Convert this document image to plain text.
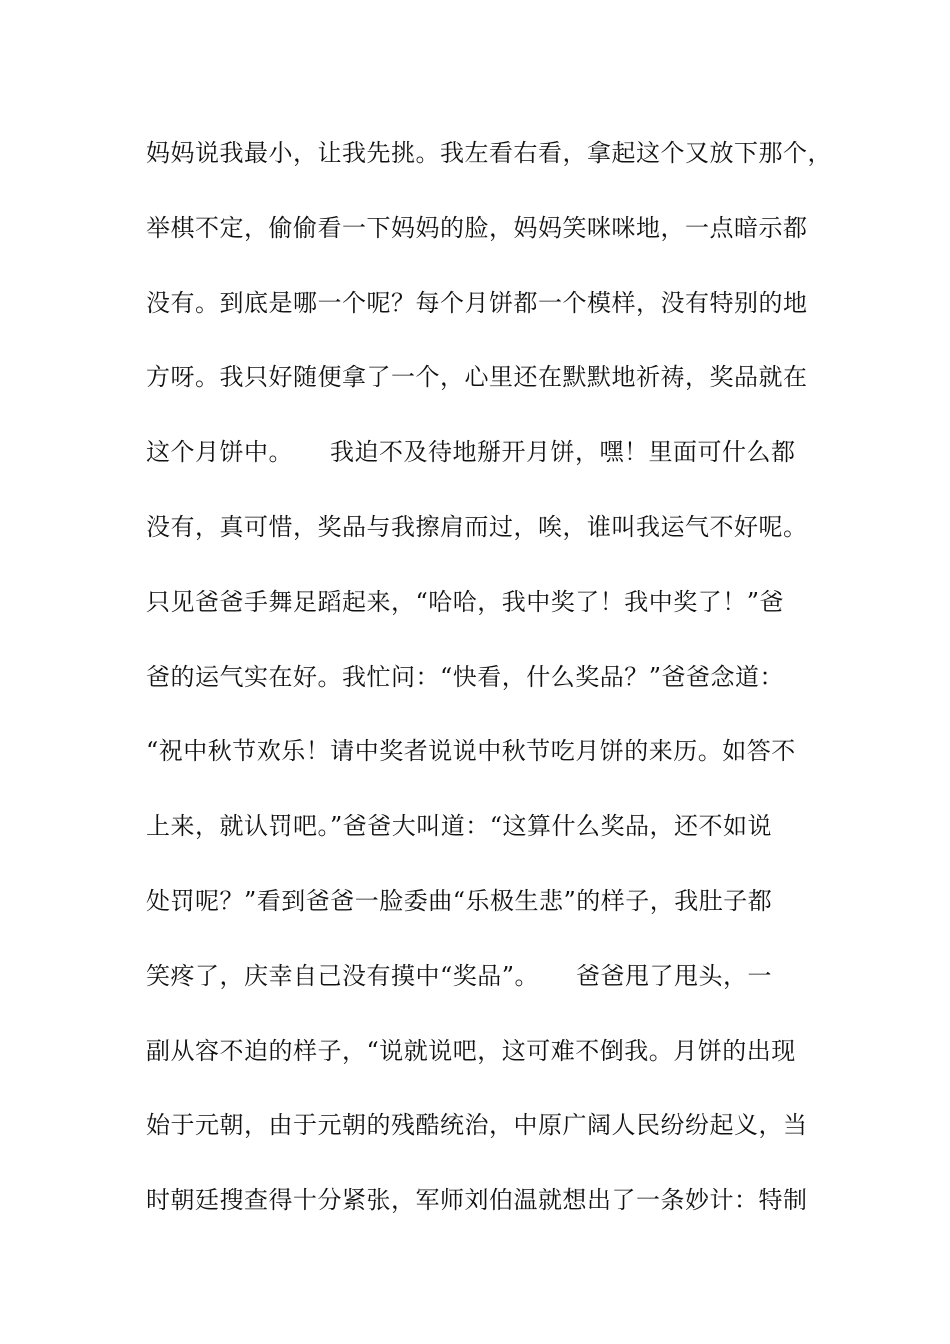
妈妈说我最小，让我先挑。我左看右看，拿起这个又放下那个，
举棋不定，偷偷看一下妈妈的脸，妈妈笑咪咪地，一点暗示都
没有。到底是哪一个呢？每个月饼都一个模样，没有特别的地
方呀。我只好随便拿了一个，心里还在默默地祈祷，奖品就在
这个月饼中。　　我迫不及待地掰开月饼，嘿！里面可什么都
没有，真可惜，奖品与我擦肩而过，唉，谁叫我运气不好呢。
只见爸爸手舞足蹈起来，“哈哈，我中奖了！我中奖了！”爸
爸的运气实在好。我忙问：“快看，什么奖品？”爸爸念道：
“祝中秋节欢乐！请中奖者说说中秋节吃月饼的来历。如答不
上来，就认罚吧。”爸爸大叫道：“这算什么奖品，还不如说
处罚呢？”看到爸爸一脸委曲“乐极生悲”的样子，我肚子都
笑疼了，庆幸自己没有摸中“奖品”。　　爸爸甩了甩头，一
副从容不迫的样子，“说就说吧，这可难不倒我。月饼的出现
始于元朝，由于元朝的残酷统治，中原广阔人民纷纷起义，当
时朝廷搜查得十分紧张，军师刘伯温就想出了一条妙计：特制
